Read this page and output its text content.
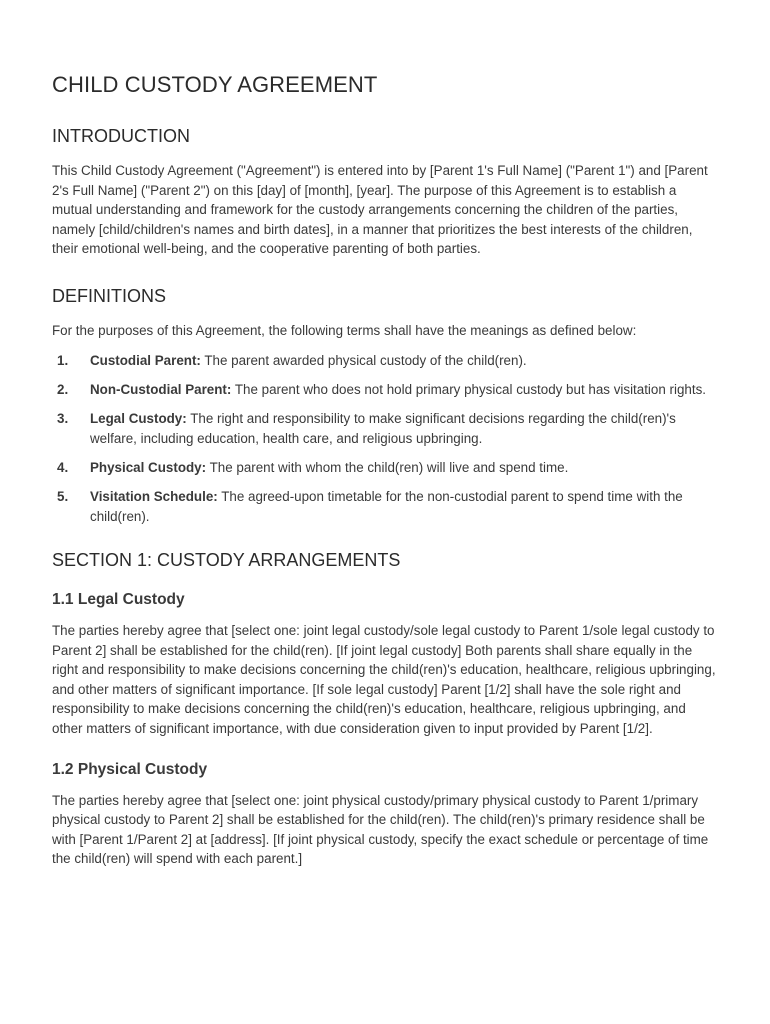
CHILD CUSTODY AGREEMENT
INTRODUCTION

This Child Custody Agreement ("Agreement") is entered into by [Parent 1's Full Name] ("Parent 1") and [Parent 2's Full Name] ("Parent 2") on this [day] of [month], [year]. The purpose of this Agreement is to establish a mutual understanding and framework for the custody arrangements concerning the children of the parties, namely [child/children's names and birth dates], in a manner that prioritizes the best interests of the children, their emotional well-being, and the cooperative parenting of both parties.

DEFINITIONS

For the purposes of this Agreement, the following terms shall have the meanings as defined below:

1.	Custodial Parent: The parent awarded physical custody of the child(ren).
2.	Non-Custodial Parent: The parent who does not hold primary physical custody but has visitation rights.
3.	Legal Custody: The right and responsibility to make significant decisions regarding the child(ren)'s welfare, including education, health care, and religious upbringing.
4.	Physical Custody: The parent with whom the child(ren) will live and spend time.
5.	Visitation Schedule: The agreed-upon timetable for the non-custodial parent to spend time with the child(ren).
SECTION 1: CUSTODY ARRANGEMENTS
1.1 Legal Custody

The parties hereby agree that [select one: joint legal custody/sole legal custody to Parent 1/sole legal custody to Parent 2] shall be established for the child(ren). [If joint legal custody] Both parents shall share equally in the right and responsibility to make decisions concerning the child(ren)'s education, healthcare, religious upbringing, and other matters of significant importance. [If sole legal custody] Parent [1/2] shall have the sole right and responsibility to make decisions concerning the child(ren)'s education, healthcare, religious upbringing, and other matters of significant importance, with due consideration given to input provided by Parent [1/2].

1.2 Physical Custody

The parties hereby agree that [select one: joint physical custody/primary physical custody to Parent 1/primary physical custody to Parent 2] shall be established for the child(ren). The child(ren)'s primary residence shall be with [Parent 1/Parent 2] at [address]. [If joint physical custody, specify the exact schedule or percentage of time the child(ren) will spend with each parent.]
